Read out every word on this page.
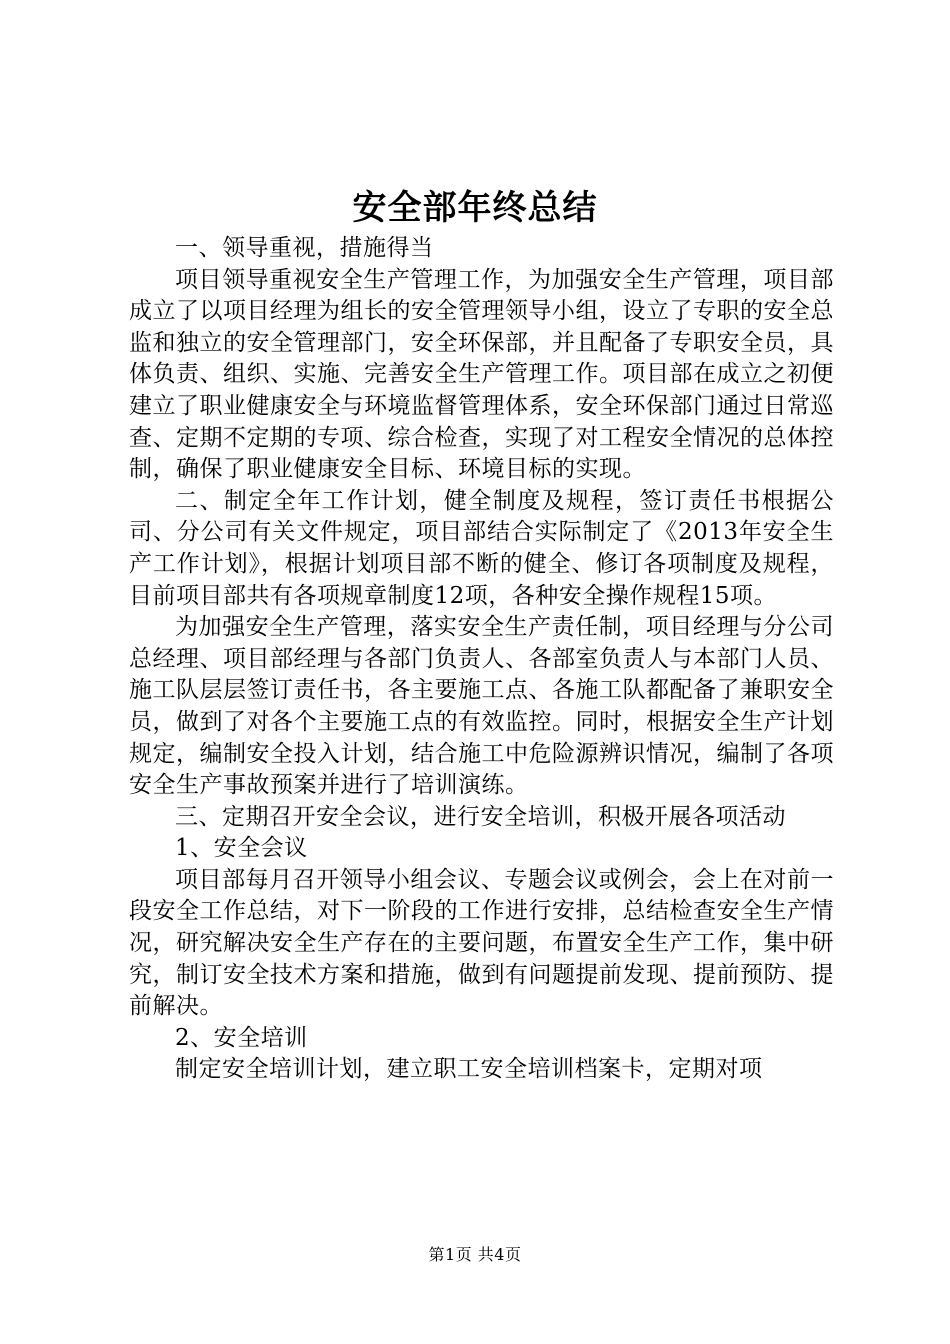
安全部年终总结

一、领导重视，措施得当

项目领导重视安全生产管理工作，为加强安全生产管理，项目部成立了以项目经理为组长的安全管理领导小组，设立了专职的安全总监和独立的安全管理部门，安全环保部，并且配备了专职安全员，具体负责、组织、实施、完善安全生产管理工作。项目部在成立之初便建立了职业健康安全与环境监督管理体系，安全环保部门通过日常巡查、定期不定期的专项、综合检查，实现了对工程安全情况的总体控制，确保了职业健康安全目标、环境目标的实现。

二、制定全年工作计划，健全制度及规程，签订责任书根据公司、分公司有关文件规定，项目部结合实际制定了《2013年安全生产工作计划》，根据计划项目部不断的健全、修订各项制度及规程，目前项目部共有各项规章制度12项，各种安全操作规程15项。

为加强安全生产管理，落实安全生产责任制，项目经理与分公司总经理、项目部经理与各部门负责人、各部室负责人与本部门人员、施工队层层签订责任书，各主要施工点、各施工队都配备了兼职安全员，做到了对各个主要施工点的有效监控。同时，根据安全生产计划规定，编制安全投入计划，结合施工中危险源辨识情况，编制了各项安全生产事故预案并进行了培训演练。

三、定期召开安全会议，进行安全培训，积极开展各项活动

1、安全会议

项目部每月召开领导小组会议、专题会议或例会，会上在对前一段安全工作总结，对下一阶段的工作进行安排，总结检查安全生产情况，研究解决安全生产存在的主要问题，布置安全生产工作，集中研究，制订安全技术方案和措施，做到有问题提前发现、提前预防、提前解决。

2、安全培训

制定安全培训计划，建立职工安全培训档案卡，定期对项

第1页 共4页
